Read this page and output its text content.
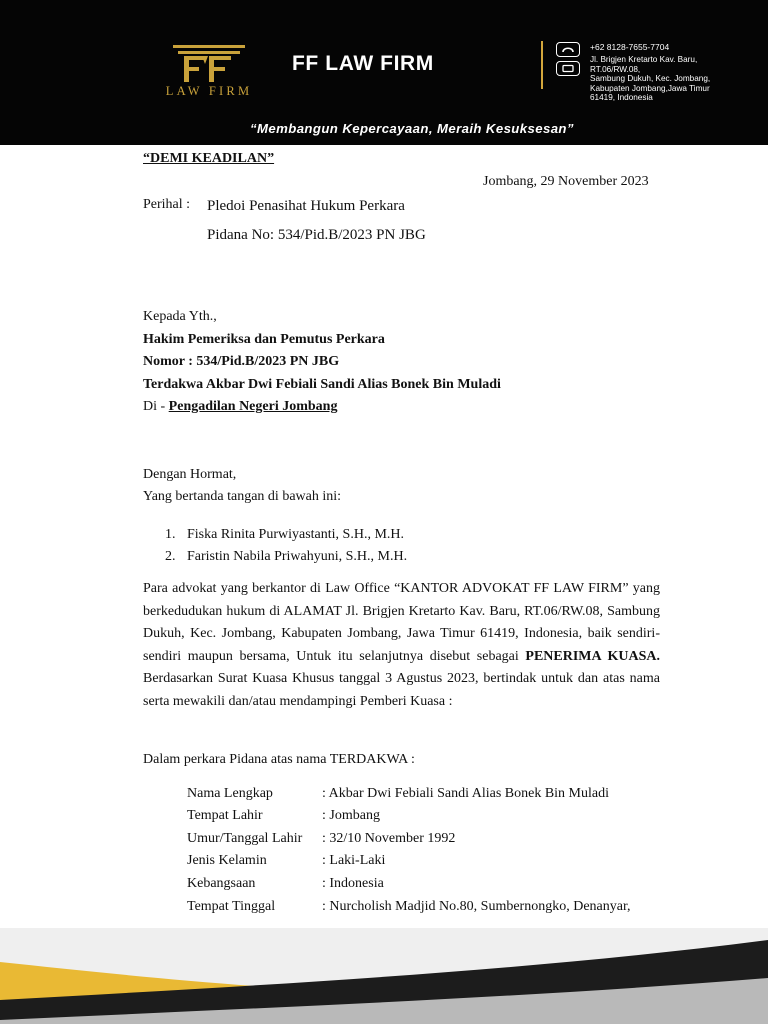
LAW FIRM
FF LAW FIRM
+62 8128-7655-7704
Jl. Brigjen Kretarto Kav. Baru,
RT.06/RW.08,
Sambung Dukuh, Kec. Jombang,
Kabupaten Jombang,Jawa Timur
61419, Indonesia
“Membangun Kepercayaan, Meraih Kesuksesan”
“DEMI KEADILAN”
Jombang, 29 November 2023
Perihal : Pledoi Penasihat Hukum Perkara
Pidana No: 534/Pid.B/2023 PN JBG
Kepada Yth.,
Hakim Pemeriksa dan Pemutus Perkara
Nomor : 534/Pid.B/2023 PN JBG
Terdakwa Akbar Dwi Febiali Sandi Alias Bonek Bin Muladi
Di - Pengadilan Negeri Jombang
Dengan Hormat,
Yang bertanda tangan di bawah ini:
1. Fiska Rinita Purwiyastanti, S.H., M.H.
2. Faristin Nabila Priwahyuni, S.H., M.H.
Para advokat yang berkantor di Law Office “KANTOR ADVOKAT FF LAW FIRM” yang berkedudukan hukum di ALAMAT Jl. Brigjen Kretarto Kav. Baru, RT.06/RW.08, Sambung Dukuh, Kec. Jombang, Kabupaten Jombang, Jawa Timur 61419, Indonesia, baik sendiri-sendiri maupun bersama, Untuk itu selanjutnya disebut sebagai PENERIMA KUASA. Berdasarkan Surat Kuasa Khusus tanggal 3 Agustus 2023, bertindak untuk dan atas nama serta mewakili dan/atau mendampingi Pemberi Kuasa :
Dalam perkara Pidana atas nama TERDAKWA :
Nama Lengkap	: Akbar Dwi Febiali Sandi Alias Bonek Bin Muladi
Tempat Lahir	: Jombang
Umur/Tanggal Lahir : 32/10 November 1992
Jenis Kelamin	: Laki-Laki
Kebangsaan	: Indonesia
Tempat Tinggal	: Nurcholish Madjid No.80, Sumbernongko, Denanyar,
